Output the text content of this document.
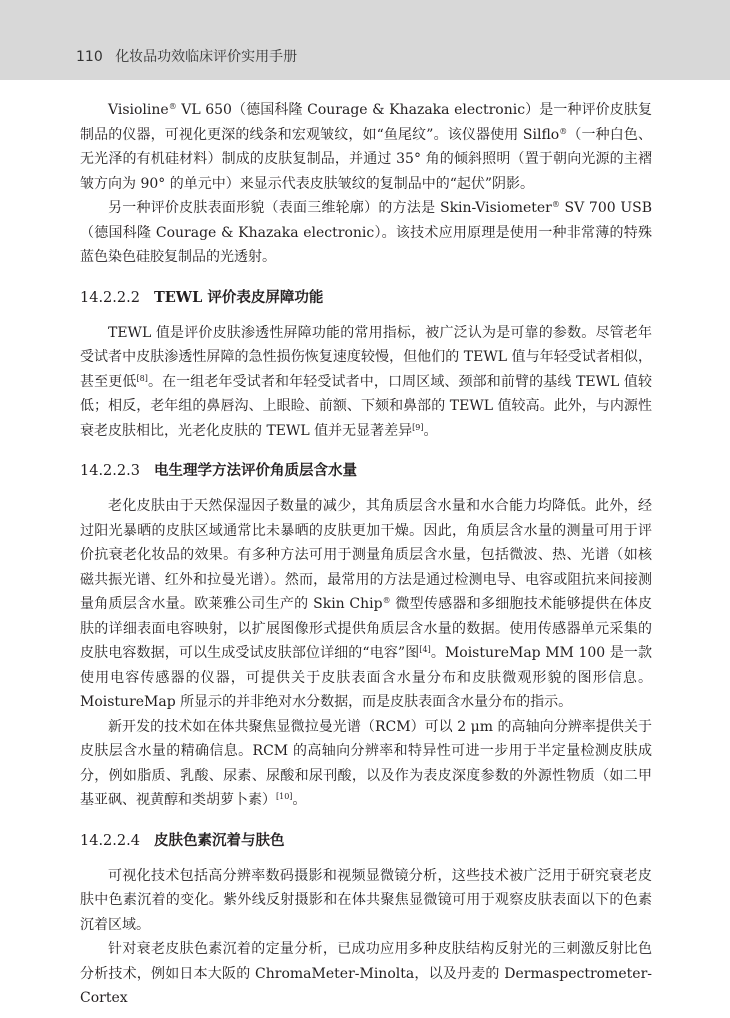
110 化妆品功效临床评价实用手册

Visioline® VL 650（德国科隆 Courage & Khazaka electronic）是一种评价皮肤复制品的仪器，可视化更深的线条和宏观皱纹，如“鱼尾纹”。该仪器使用 Silflo®（一种白色、无光泽的有机硅材料）制成的皮肤复制品，并通过 35° 角的倾斜照明（置于朝向光源的主褶皱方向为 90° 的单元中）来显示代表皮肤皱纹的复制品中的“起伏”阴影。

另一种评价皮肤表面形貌（表面三维轮廓）的方法是 Skin-Visiometer® SV 700 USB（德国科隆 Courage & Khazaka electronic）。该技术应用原理是使用一种非常薄的特殊蓝色染色硅胶复制品的光透射。

14.2.2.2 TEWL 评价表皮屏障功能

TEWL 值是评价皮肤渗透性屏障功能的常用指标，被广泛认为是可靠的参数。尽管老年受试者中皮肤渗透性屏障的急性损伤恢复速度较慢，但他们的 TEWL 值与年轻受试者相似，甚至更低[8]。在一组老年受试者和年轻受试者中，口周区域、颈部和前臂的基线 TEWL 值较低；相反，老年组的鼻唇沟、上眼睑、前额、下颏和鼻部的 TEWL 值较高。此外，与内源性衰老皮肤相比，光老化皮肤的 TEWL 值并无显著差异[9]。

14.2.2.3 电生理学方法评价角质层含水量

老化皮肤由于天然保湿因子数量的减少，其角质层含水量和水合能力均降低。此外，经过阳光暴晒的皮肤区域通常比未暴晒的皮肤更加干燥。因此，角质层含水量的测量可用于评价抗衰老化妆品的效果。有多种方法可用于测量角质层含水量，包括微波、热、光谱（如核磁共振光谱、红外和拉曼光谱）。然而，最常用的方法是通过检测电导、电容或阻抗来间接测量角质层含水量。欧莱雅公司生产的 Skin Chip® 微型传感器和多细胞技术能够提供在体皮肤的详细表面电容映射，以扩展图像形式提供角质层含水量的数据。使用传感器单元采集的皮肤电容数据，可以生成受试皮肤部位详细的“电容”图[4]。MoistureMap MM 100 是一款使用电容传感器的仪器，可提供关于皮肤表面含水量分布和皮肤微观形貌的图形信息。MoistureMap 所显示的并非绝对水分数据，而是皮肤表面含水量分布的指示。

新开发的技术如在体共聚焦显微拉曼光谱（RCM）可以 2 μm 的高轴向分辨率提供关于皮肤层含水量的精确信息。RCM 的高轴向分辨率和特异性可进一步用于半定量检测皮肤成分，例如脂质、乳酸、尿素、尿酸和尿刊酸，以及作为表皮深度参数的外源性物质（如二甲基亚砜、视黄醇和类胡萝卜素）[10]。

14.2.2.4 皮肤色素沉着与肤色

可视化技术包括高分辨率数码摄影和视频显微镜分析，这些技术被广泛用于研究衰老皮肤中色素沉着的变化。紫外线反射摄影和在体共聚焦显微镜可用于观察皮肤表面以下的色素沉着区域。

针对衰老皮肤色素沉着的定量分析，已成功应用多种皮肤结构反射光的三刺激反射比色分析技术，例如日本大阪的 ChromaMeter-Minolta，以及丹麦的 Dermaspectrometer-Cortex
